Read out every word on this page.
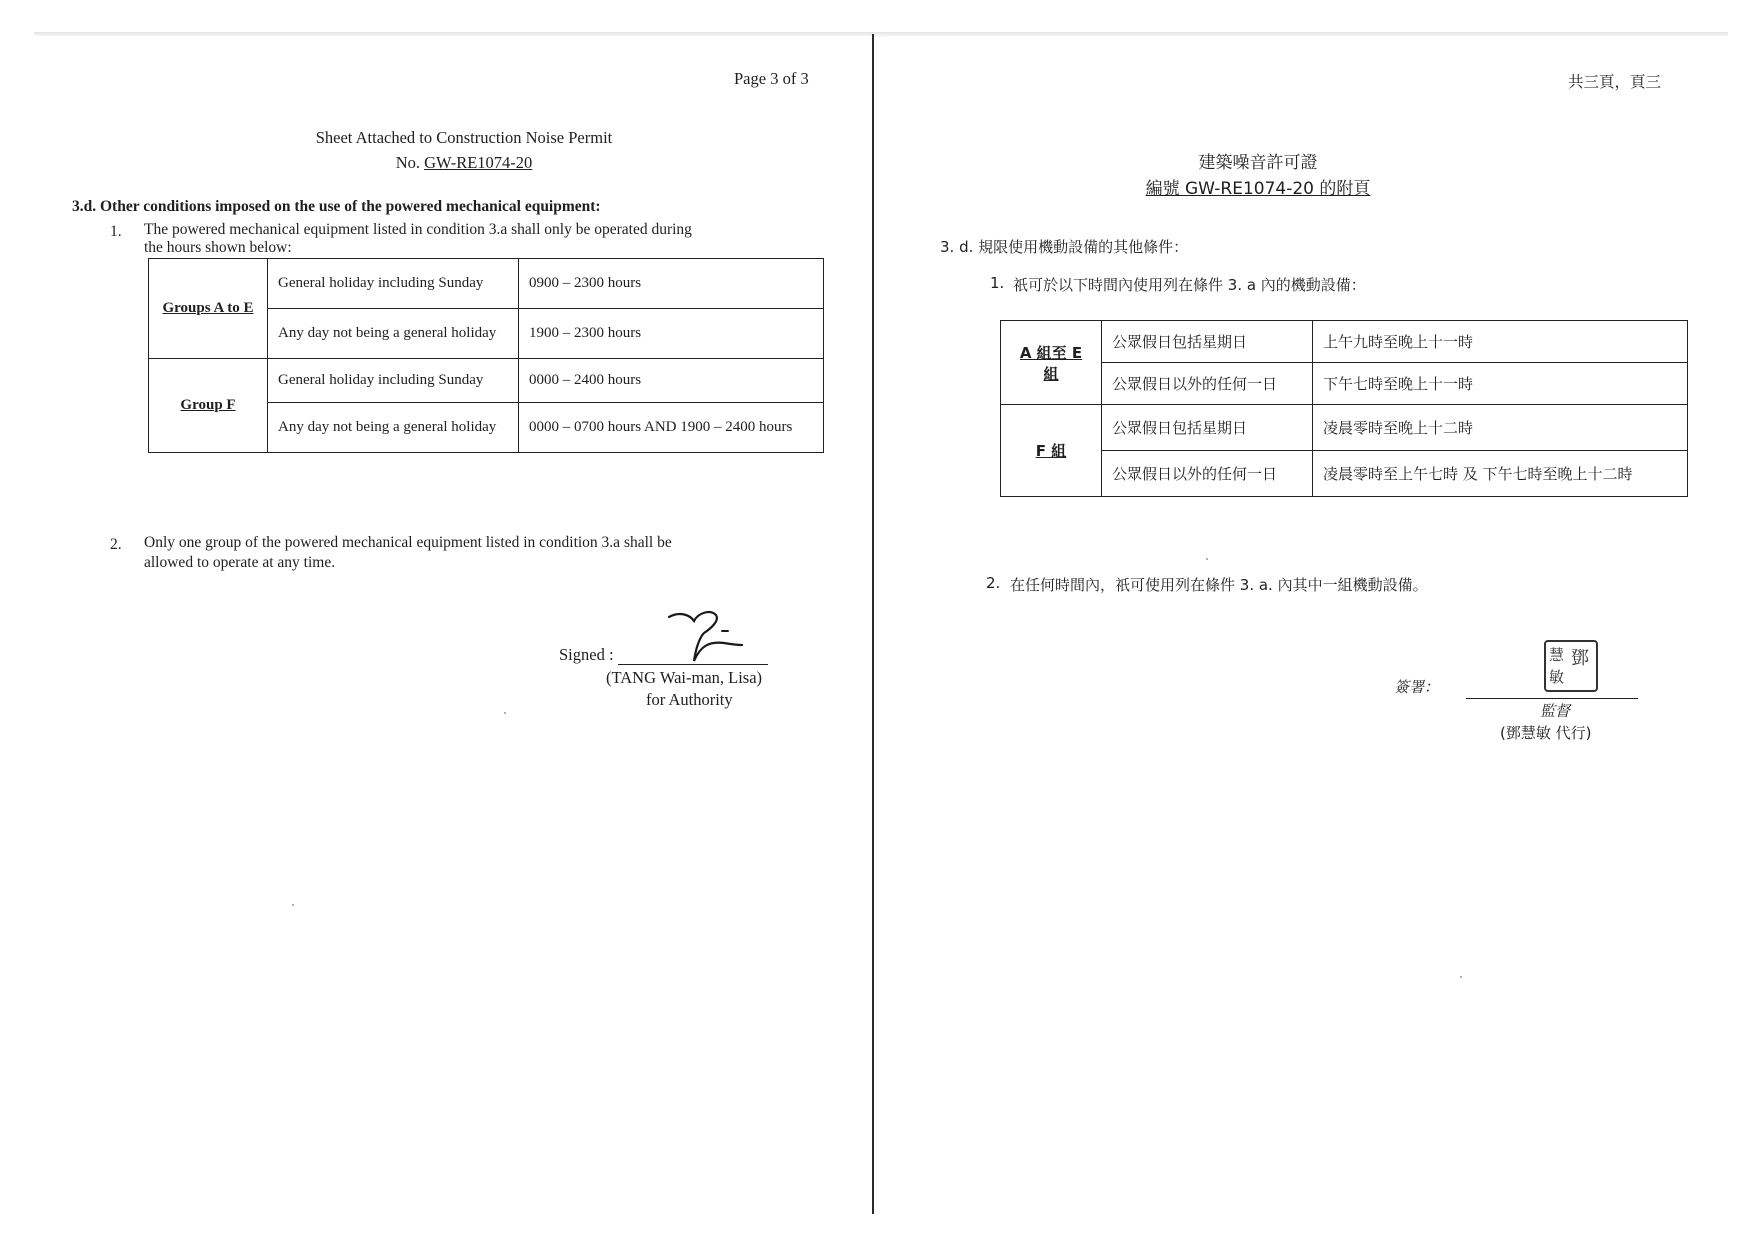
Page 3 of 3
Sheet Attached to Construction Noise Permit
No. GW-RE1074-20
3.d. Other conditions imposed on the use of the powered mechanical equipment:
1. The powered mechanical equipment listed in condition 3.a shall only be operated during
the hours shown below:
Groups A to E	General holiday including Sunday	0900 – 2300 hours
	Any day not being a general holiday	1900 – 2300 hours
Group F	General holiday including Sunday	0000 – 2400 hours
	Any day not being a general holiday	0000 – 0700 hours AND 1900 – 2400 hours
2. Only one group of the powered mechanical equipment listed in condition 3.a shall be
allowed to operate at any time.
Signed :
(TANG Wai-man, Lisa)
for Authority
共三頁，頁三
建築噪音許可證
編號 GW-RE1074-20 的附頁
3. d. 規限使用機動設備的其他條件：
1. 祇可於以下時間內使用列在條件 3. a 內的機動設備：
A 組至 E 組	公眾假日包括星期日	上午九時至晚上十一時
	公眾假日以外的任何一日	下午七時至晚上十一時
F 組	公眾假日包括星期日	凌晨零時至晚上十二時
	公眾假日以外的任何一日	凌晨零時至上午七時 及 下午七時至晚上十二時
2. 在任何時間內，祇可使用列在條件 3. a. 內其中一組機動設備。
簽署：
鄧
慧
敏
監督
(鄧慧敏 代行)
